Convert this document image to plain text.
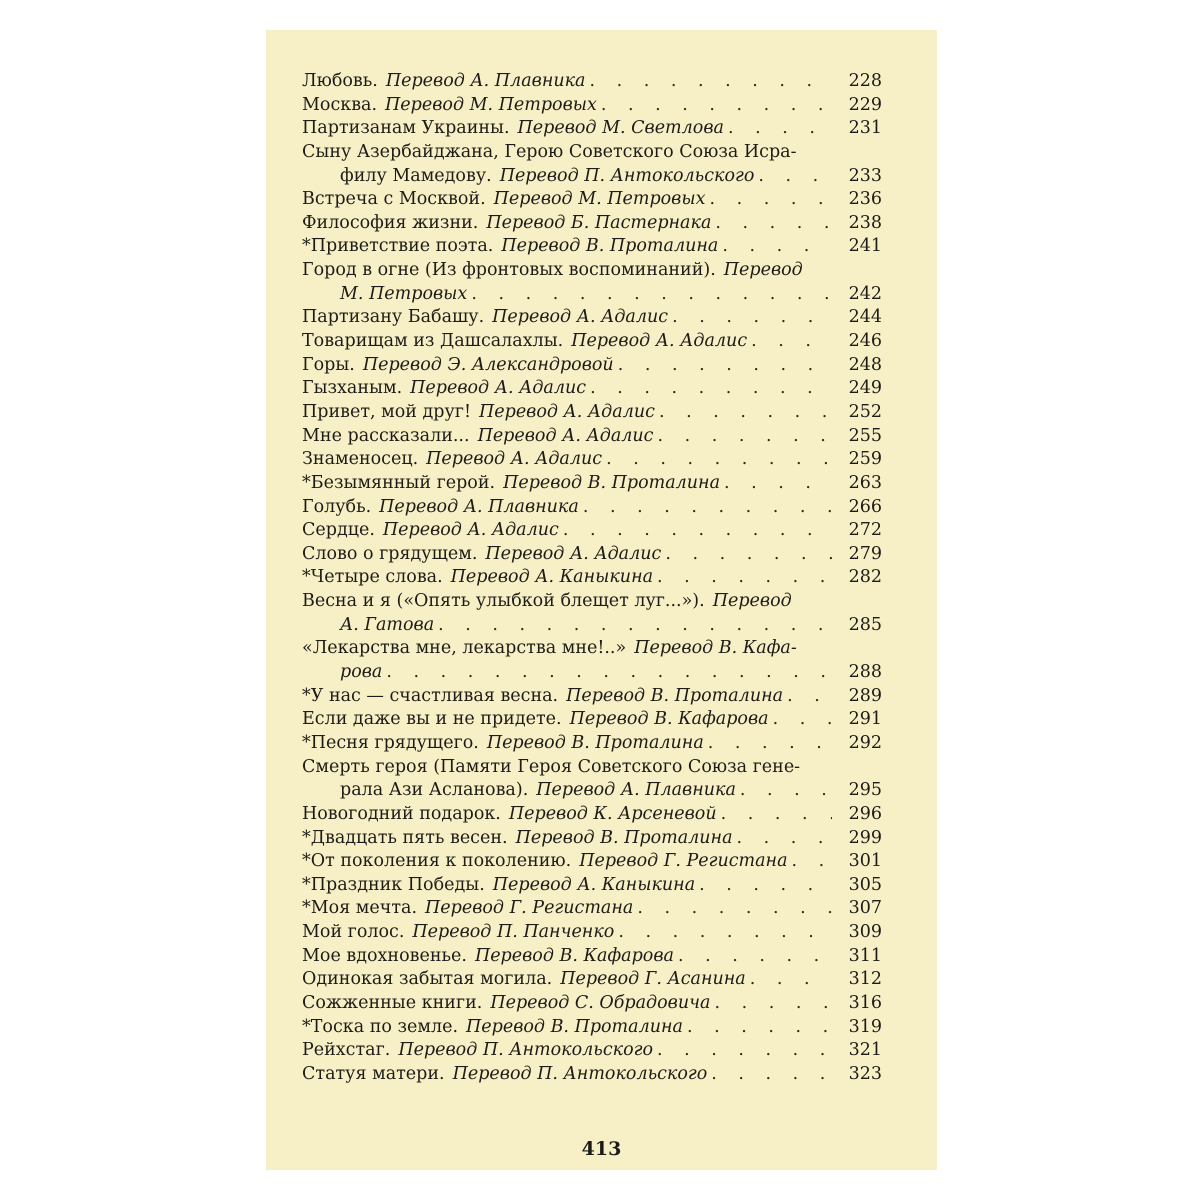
Любовь. Перевод А. Плавника . . .	228
Москва. Перевод М. Петровых . . .	229
Партизанам Украины. Перевод М. Светлова . . .	231
Сыну Азербайджана, Герою Советского Союза Исра-
филу Мамедову. Перевод П. Антокольского . . .	233
Встреча с Москвой. Перевод М. Петровых . . .	236
Философия жизни. Перевод Б. Пастернака . . .	238
*Приветствие поэта. Перевод В. Проталина . . .	241
Город в огне (Из фронтовых воспоминаний). Перевод
М. Петровых . . .	242
Партизану Бабашу. Перевод А. Адалис . . .	244
Товарищам из Дашсалахлы. Перевод А. Адалис . . .	246
Горы. Перевод Э. Александровой . . .	248
Гызханым. Перевод А. Адалис . . .	249
Привет, мой друг! Перевод А. Адалис . . .	252
Мне рассказали... Перевод А. Адалис . . .	255
Знаменосец. Перевод А. Адалис . . .	259
*Безымянный герой. Перевод В. Проталина . . .	263
Голубь. Перевод А. Плавника . . .	266
Сердце. Перевод А. Адалис . . .	272
Слово о грядущем. Перевод А. Адалис . . .	279
*Четыре слова. Перевод А. Каныкина . . .	282
Весна и я («Опять улыбкой блещет луг...»). Перевод
А. Гатова . . .	285
«Лекарства мне, лекарства мне!..» Перевод В. Кафа-
рова . . .	288
*У нас — счастливая весна. Перевод В. Проталина . . .	289
Если даже вы и не придете. Перевод В. Кафарова . . .	291
*Песня грядущего. Перевод В. Проталина . . .	292
Смерть героя (Памяти Героя Советского Союза гене-
рала Ази Асланова). Перевод А. Плавника . . .	295
Новогодний подарок. Перевод К. Арсеневой . . .	296
*Двадцать пять весен. Перевод В. Проталина . . .	299
*От поколения к поколению. Перевод Г. Регистана . . .	301
*Праздник Победы. Перевод А. Каныкина . . .	305
*Моя мечта. Перевод Г. Регистана . . .	307
Мой голос. Перевод П. Панченко . . .	309
Мое вдохновенье. Перевод В. Кафарова . . .	311
Одинокая забытая могила. Перевод Г. Асанина . . .	312
Сожженные книги. Перевод С. Обрадовича . . .	316
*Тоска по земле. Перевод В. Проталина . . .	319
Рейхстаг. Перевод П. Антокольского . . .	321
Статуя матери. Перевод П. Антокольского . . .	323
413
